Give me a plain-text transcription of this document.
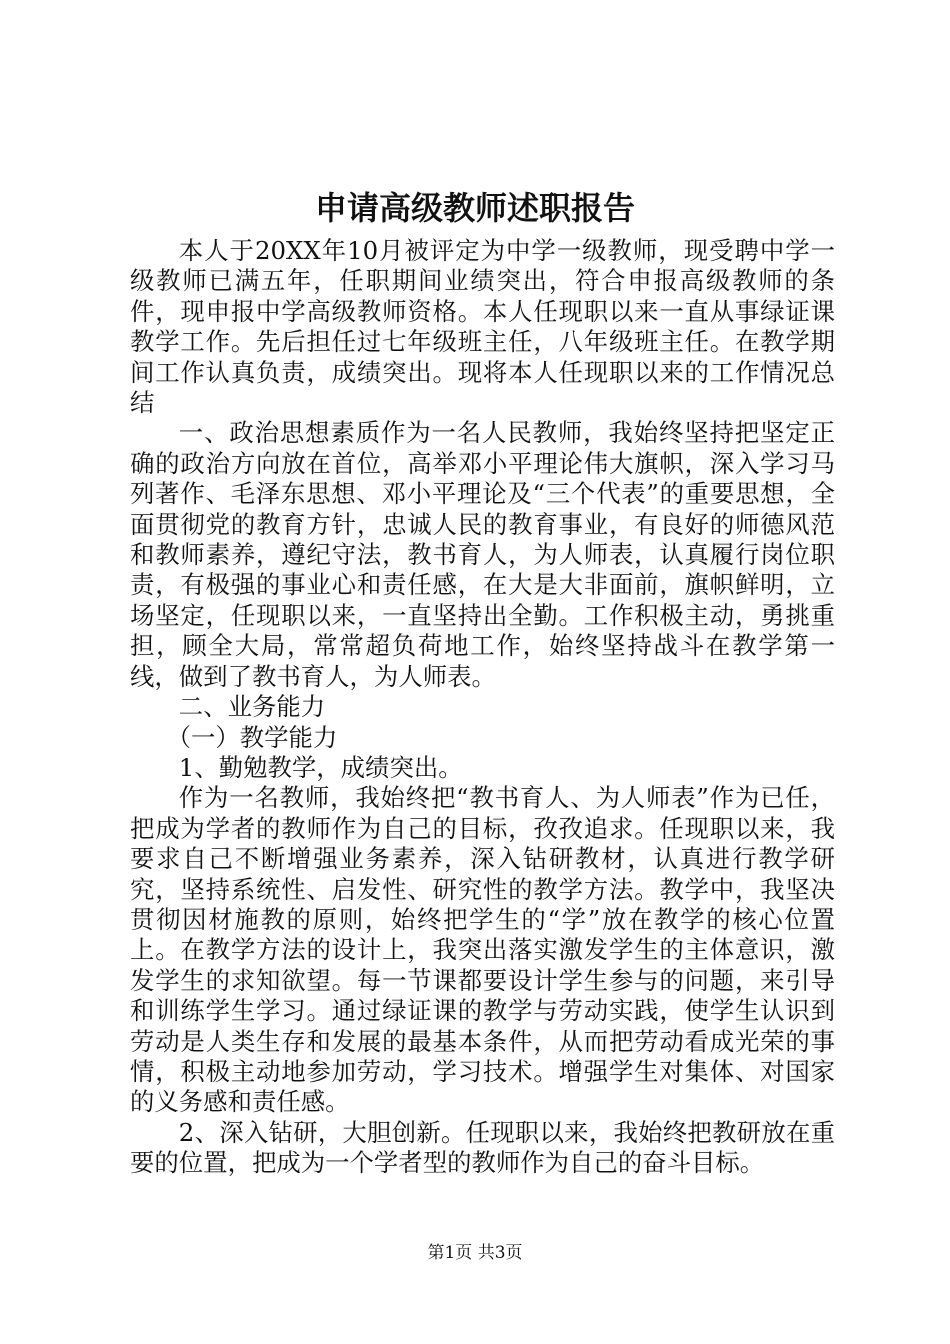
申请高级教师述职报告

本人于20XX年10月被评定为中学一级教师，现受聘中学一级教师已满五年，任职期间业绩突出，符合申报高级教师的条件，现申报中学高级教师资格。本人任现职以来一直从事绿证课教学工作。先后担任过七年级班主任，八年级班主任。在教学期间工作认真负责，成绩突出。现将本人任现职以来的工作情况总结

一、政治思想素质作为一名人民教师，我始终坚持把坚定正确的政治方向放在首位，高举邓小平理论伟大旗帜，深入学习马列著作、毛泽东思想、邓小平理论及“三个代表”的重要思想，全面贯彻党的教育方针，忠诚人民的教育事业，有良好的师德风范和教师素养，遵纪守法，教书育人，为人师表，认真履行岗位职责，有极强的事业心和责任感，在大是大非面前，旗帜鲜明，立场坚定，任现职以来，一直坚持出全勤。工作积极主动，勇挑重担，顾全大局，常常超负荷地工作，始终坚持战斗在教学第一线，做到了教书育人，为人师表。

二、业务能力

（一）教学能力

1、勤勉教学，成绩突出。

作为一名教师，我始终把“教书育人、为人师表”作为已任，把成为学者的教师作为自己的目标，孜孜追求。任现职以来，我要求自己不断增强业务素养，深入钻研教材，认真进行教学研究，坚持系统性、启发性、研究性的教学方法。教学中，我坚决贯彻因材施教的原则，始终把学生的“学”放在教学的核心位置上。在教学方法的设计上，我突出落实激发学生的主体意识，激发学生的求知欲望。每一节课都要设计学生参与的问题，来引导和训练学生学习。通过绿证课的教学与劳动实践，使学生认识到劳动是人类生存和发展的最基本条件，从而把劳动看成光荣的事情，积极主动地参加劳动，学习技术。增强学生对集体、对国家的义务感和责任感。

2、深入钻研，大胆创新。任现职以来，我始终把教研放在重要的位置，把成为一个学者型的教师作为自己的奋斗目标。

第1页 共3页
